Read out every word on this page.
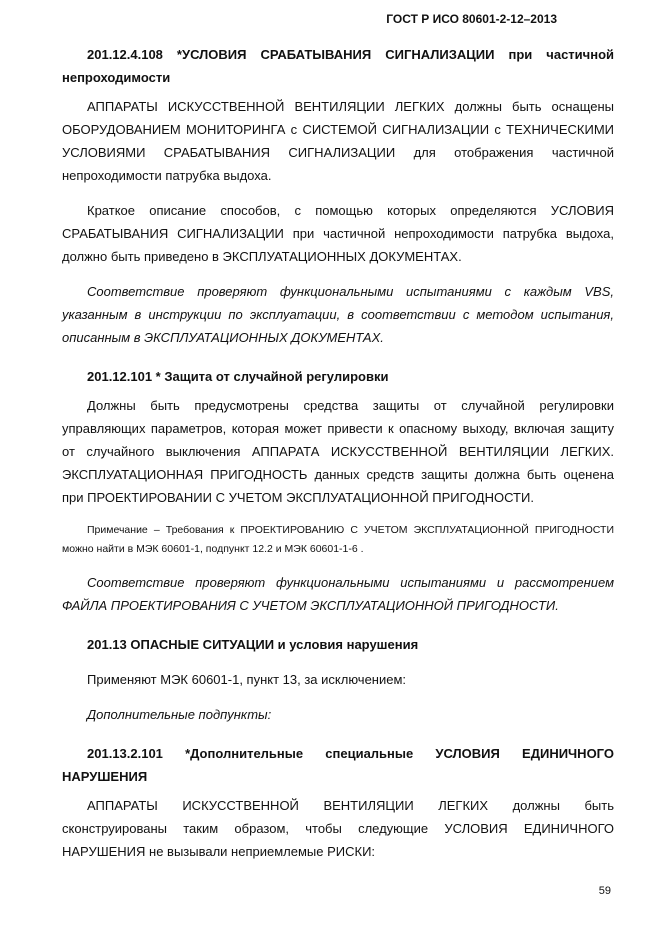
ГОСТ Р ИСО 80601-2-12–2013

201.12.4.108 *УСЛОВИЯ СРАБАТЫВАНИЯ СИГНАЛИЗАЦИИ при частичной непроходимости

АППАРАТЫ ИСКУССТВЕННОЙ ВЕНТИЛЯЦИИ ЛЕГКИХ должны быть оснащены ОБОРУДОВАНИЕМ МОНИТОРИНГА с СИСТЕМОЙ СИГНАЛИЗАЦИИ с ТЕХНИЧЕСКИМИ УСЛОВИЯМИ СРАБАТЫВАНИЯ СИГНАЛИЗАЦИИ для отображения частичной непроходимости патрубка выдоха.

Краткое описание способов, с помощью которых определяются УСЛОВИЯ СРАБАТЫВАНИЯ СИГНАЛИЗАЦИИ при частичной непроходимости патрубка выдоха, должно быть приведено в ЭКСПЛУАТАЦИОННЫХ ДОКУМЕНТАХ.

Соответствие проверяют функциональными испытаниями с каждым VBS, указанным в инструкции по эксплуатации, в соответствии с методом испытания, описанным в ЭКСПЛУАТАЦИОННЫХ ДОКУМЕНТАХ.

201.12.101 * Защита от случайной регулировки

Должны быть предусмотрены средства защиты от случайной регулировки управляющих параметров, которая может привести к опасному выходу, включая защиту от случайного выключения АППАРАТА ИСКУССТВЕННОЙ ВЕНТИЛЯЦИИ ЛЕГКИХ. ЭКСПЛУАТАЦИОННАЯ ПРИГОДНОСТЬ данных средств защиты должна быть оценена при ПРОЕКТИРОВАНИИ С УЧЕТОМ ЭКСПЛУАТАЦИОННОЙ ПРИГОДНОСТИ.

Примечание – Требования к ПРОЕКТИРОВАНИЮ С УЧЕТОМ ЭКСПЛУАТАЦИОННОЙ ПРИГОДНОСТИ можно найти в МЭК 60601-1, подпункт 12.2 и МЭК 60601-1-6 .

Соответствие проверяют функциональными испытаниями и рассмотрением ФАЙЛА ПРОЕКТИРОВАНИЯ С УЧЕТОМ ЭКСПЛУАТАЦИОННОЙ ПРИГОДНОСТИ.

201.13 ОПАСНЫЕ СИТУАЦИИ и условия нарушения

Применяют МЭК 60601-1, пункт 13, за исключением:

Дополнительные подпункты:

201.13.2.101 *Дополнительные специальные УСЛОВИЯ ЕДИНИЧНОГО НАРУШЕНИЯ

АППАРАТЫ ИСКУССТВЕННОЙ ВЕНТИЛЯЦИИ ЛЕГКИХ должны быть сконструированы таким образом, чтобы следующие УСЛОВИЯ ЕДИНИЧНОГО НАРУШЕНИЯ не вызывали неприемлемые РИСКИ:

59
